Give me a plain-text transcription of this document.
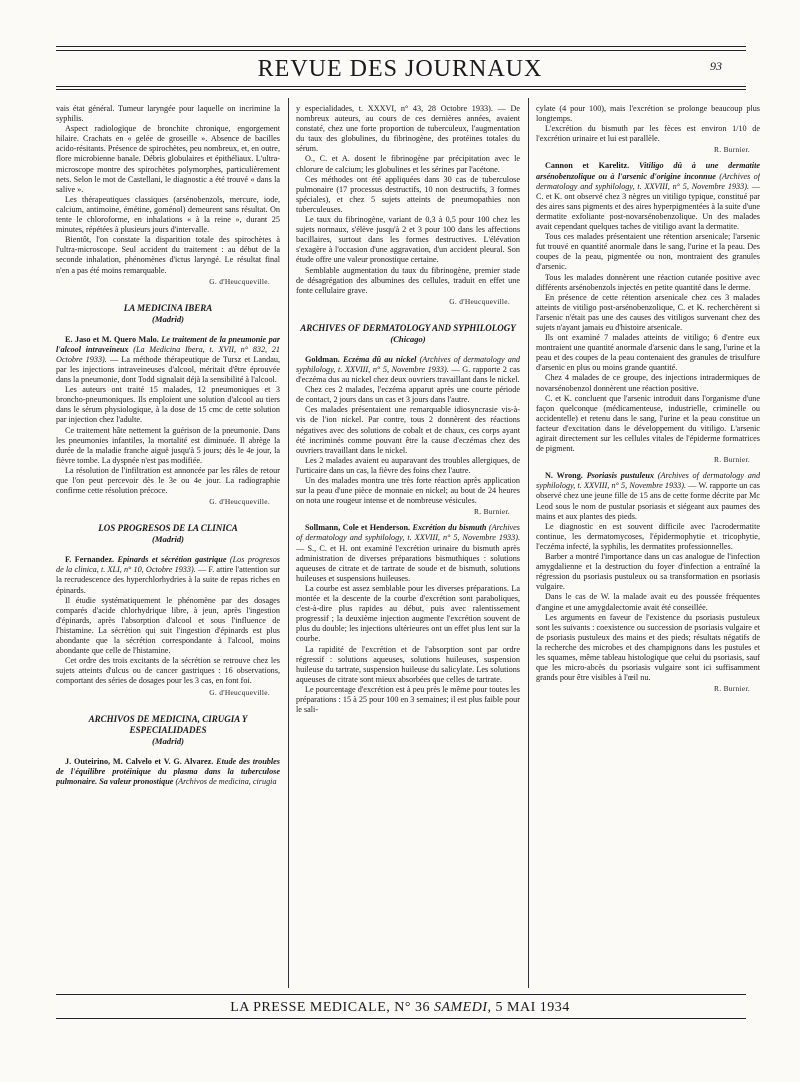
REVUE DES JOURNAUX	93

vais état général. Tumeur laryngée pour laquelle on incrimine la syphilis.

Aspect radiologique de bronchite chronique, engorgement hilaire. Crachats en « gelée de groseille ». Absence de bacilles acido-résitants. Présence de spirochètes, peu nombreux, et, en outre, flore microbienne banale. Débris globulaires et épithéliaux. L'ultra-microscope montre des spirochètes polymorphes, particulièrement nets. Selon le mot de Castellani, le diagnostic a été trouvé « dans la salive ».

Les thérapeutiques classiques (arsénobenzols, mercure, iode, calcium, antimoine, émétine, goménol) demeurent sans résultat. On tente le chloroforme, en inhalations « à la reine », durant 25 minutes, répétées à plusieurs jours d'intervalle.

Bientôt, l'on constate la disparition totale des spirochètes à l'ultra-microscope. Seul accident du traitement : au début de la seconde inhalation, phénomènes d'ictus laryngé. Le résultat final n'en a pas été moins remarquable.

G. d'Heucqueville.

LA MEDICINA IBERA

(Madrid)

E. Jaso et M. Quero Malo. Le traitement de la pneumonie par l'alcool intraveineux (La Medicina Ibera, t. XVII, n° 832, 21 Octobre 1933). — La méthode thérapeutique de Tursz et Landau, par les injections intraveineuses d'alcool, méritait d'être éprouvée dans la pneumonie, dont Todd signalait déjà la sensibilité à l'alcool.

Les auteurs ont traité 15 malades, 12 pneumoniques et 3 broncho-pneumoniques. Ils emploient une solution d'alcool au tiers dans le sérum physiologique, à la dose de 15 cmc de cette solution par injection chez l'adulte.

Ce traitement hâte nettement la guérison de la pneumonie. Dans les pneumonies infantiles, la mortalité est diminuée. Il abrège la durée de la maladie franche aiguë jusqu'à 5 jours; dès le 4e jour, la fièvre tombe. La dyspnée n'est pas modifiée.

La résolution de l'infiltration est annoncée par les râles de retour que l'on peut percevoir dès le 3e ou 4e jour. La radiographie confirme cette résolution précoce.

G. d'Heucqueville.

LOS PROGRESOS DE LA CLINICA

(Madrid)

F. Fernandez. Epinards et sécrétion gastrique (Los progresos de la clinica, t. XLI, n° 10, Octobre 1933). — F. attire l'attention sur la recrudescence des hyperchlorhydries à la suite de repas riches en épinards.

Il étudie systématiquement le phénomène par des dosages comparés d'acide chlorhydrique libre, à jeun, après l'ingestion d'épinards, après l'absorption d'alcool et sous l'influence de l'histamine. La sécrétion qui suit l'ingestion d'épinards est plus abondante que la sécrétion correspondante à l'alcool, moins abondante que celle de l'histamine.

Cet ordre des trois excitants de la sécrétion se retrouve chez les sujets atteints d'ulcus ou de cancer gastriques : 16 observations, comportant des séries de dosages pour les 3 cas, en font foi.

G. d'Heucqueville.

ARCHIVOS DE MEDICINA, CIRUGIA Y ESPECIALIDADES

(Madrid)

J. Outeirino, M. Calvelo et V. G. Alvarez. Etude des troubles de l'équilibre protéinique du plasma dans la tuberculose pulmonaire. Sa valeur pronostique (Archivos de medicina, cirugia

y especialidades, t. XXXVI, n° 43, 28 Octobre 1933). — De nombreux auteurs, au cours de ces dernières années, avaient constaté, chez une forte proportion de tuberculeux, l'augmentation du taux des globulines, du fibrinogène, des protéines totales du sérum.

O., C. et A. dosent le fibrinogène par précipitation avec le chlorure de calcium; les globulines et les sérines par l'acétone.

Ces méthodes ont été appliquées dans 30 cas de tuberculose pulmonaire (17 processus destructifs, 10 non destructifs, 3 formes spéciales), et chez 5 sujets atteints de pneumopathies non tuberculeuses.

Le taux du fibrinogène, variant de 0,3 à 0,5 pour 100 chez les sujets normaux, s'élève jusqu'à 2 et 3 pour 100 dans les affections bacillaires, surtout dans les formes destructives. L'élévation s'exagère à l'occasion d'une aggravation, d'un accident pleural. Son étude offre une valeur pronostique certaine.

Semblable augmentation du taux du fibrinogène, premier stade de désagrégation des albumines des cellules, traduit en effet une fonte cellulaire grave.

G. d'Heucqueville.

ARCHIVES OF DERMATOLOGY AND SYPHILOLOGY

(Chicago)

Goldman. Eczéma dû au nickel (Archives of dermatology and syphilology, t. XXVIII, n° 5, Novembre 1933). — G. rapporte 2 cas d'eczéma dus au nickel chez deux ouvriers travaillant dans le nickel.

Chez ces 2 malades, l'eczéma apparut après une courte période de contact, 2 jours dans un cas et 3 jours dans l'autre.

Ces malades présentaient une remarquable idiosyncrasie vis-à-vis de l'ion nickel. Par contre, tous 2 donnèrent des réactions négatives avec des solutions de cobalt et de chaux, ces corps ayant été incriminés comme pouvant être la cause d'eczémas chez des ouvriers travaillant dans le nickel.

Les 2 malades avaient eu auparavant des troubles allergiques, de l'urticaire dans un cas, la fièvre des foins chez l'autre.

Un des malades montra une très forte réaction après application sur la peau d'une pièce de monnaie en nickel; au bout de 24 heures on nota une rougeur intense et de nombreuse vésicules.

R. Burnier.

Sollmann, Cole et Henderson. Excrétion du bismuth (Archives of dermatology and syphilology, t. XXVIII, n° 5, Novembre 1933). — S., C. et H. ont examiné l'excrétion urinaire du bismuth après administration de diverses préparations bismuthiques : solutions aqueuses de citrate et de tartrate de soude et de bismuth, solutions huileuses et suspensions huileuses.

La courbe est assez semblable pour les diverses préparations. La montée et la descente de la courbe d'excrétion sont paraboliques, c'est-à-dire plus rapides au début, puis avec ralentissement progressif ; la deuxième injection augmente l'excrétion souvent de plus du double; les injections ultérieures ont un effet plus lent sur la courbe.

La rapidité de l'excrétion et de l'absorption sont par ordre régressif : solutions aqueuses, solutions huileuses, suspension huileuse du tartrate, suspension huileuse du salicylate. Les solutions aqueuses de citrate sont mieux absorbées que celles de tartrate.

Le pourcentage d'excrétion est à peu près le même pour toutes les préparations : 15 à 25 pour 100 en 3 semaines; il est plus faible pour le sali-

cylate (4 pour 100), mais l'excrétion se prolonge beaucoup plus longtemps.

L'excrétion du bismuth par les fèces est environ 1/10 de l'excrétion urinaire et lui est parallèle.

R. Burnier.

Cannon et Karelitz. Vitiligo dû à une dermatite arsénobenzolique ou à l'arsenic d'origine inconnue (Archives of dermatology and syphilology, t. XXVIII, n° 5, Novembre 1933). — C. et K. ont observé chez 3 nègres un vitiligo typique, constitué par des aires sans pigments et des aires hyperpigmentées à la suite d'une dermatite exfoliante post-novarsénobenzolique. Un des malades avait cependant quelques taches de vitiligo avant la dermatite.

Tous ces malades présentaient une rétention arsenicale; l'arsenic fut trouvé en quantité anormale dans le sang, l'urine et la peau. Des coupes de la peau, pigmentée ou non, montraient des granules d'arsenic.

Tous les malades donnèrent une réaction cutanée positive avec différents arsénobenzols injectés en petite quantité dans le derme.

En présence de cette rétention arsenicale chez ces 3 malades atteints de vitiligo post-arsénobenzolique, C. et K. recherchèrent si l'arsenic n'était pas une des causes des vitiligos survenant chez des sujets n'ayant jamais eu d'histoire arsenicale.

Ils ont examiné 7 malades atteints de vitiligo; 6 d'entre eux montraient une quantité anormale d'arsenic dans le sang, l'urine et la peau et des coupes de la peau contenaient des granules de trisulfure d'arsenic en plus ou moins grande quantité.

Chez 4 malades de ce groupe, des injections intradermiques de novarsénobenzol donnèrent une réaction positive.

C. et K. concluent que l'arsenic introduit dans l'organisme d'une façon quelconque (médicamenteuse, industrielle, criminelle ou accidentelle) et retenu dans le sang, l'urine et la peau constitue un facteur d'excitation dans le développement du vitiligo. L'arsenic agirait directement sur les cellules vitales de l'épiderme formatrices de pigment.

R. Burnier.

N. Wrong. Psoriasis pustuleux (Archives of dermatology and syphilology, t. XXVIII, n° 5, Novembre 1933). — W. rapporte un cas observé chez une jeune fille de 15 ans de cette forme décrite par Mc Leod sous le nom de pustular psoriasis et siégeant aux paumes des mains et aux plantes des pieds.

Le diagnostic en est souvent difficile avec l'acrodermatite continue, les dermatomycoses, l'épidermophytie et tricophytie, l'eczéma infecté, la syphilis, les dermatites professionnelles.

Barber a montré l'importance dans un cas analogue de l'infection amygdalienne et la destruction du foyer d'infection a entraîné la régression du psoriasis pustuleux ou sa transformation en psoriasis vulgaire.

Dans le cas de W. la malade avait eu des poussée fréquentes d'angine et une amygdalectomie avait été conseillée.

Les arguments en faveur de l'existence du psoriasis pustuleux sont les suivants : coexistence ou succession de psoriasis vulgaire et de psoriasis pustuleux des mains et des pieds; résultats négatifs de la recherche des microbes et des champignons dans les pustules et les squames, même tableau histologique que celui du psoriasis, sauf que les micro-abcès du psoriasis vulgaire sont ici suffisamment grands pour être visibles à l'œil nu.

R. Burnier.

LA PRESSE MEDICALE, N° 36 SAMEDI, 5 MAI 1934
